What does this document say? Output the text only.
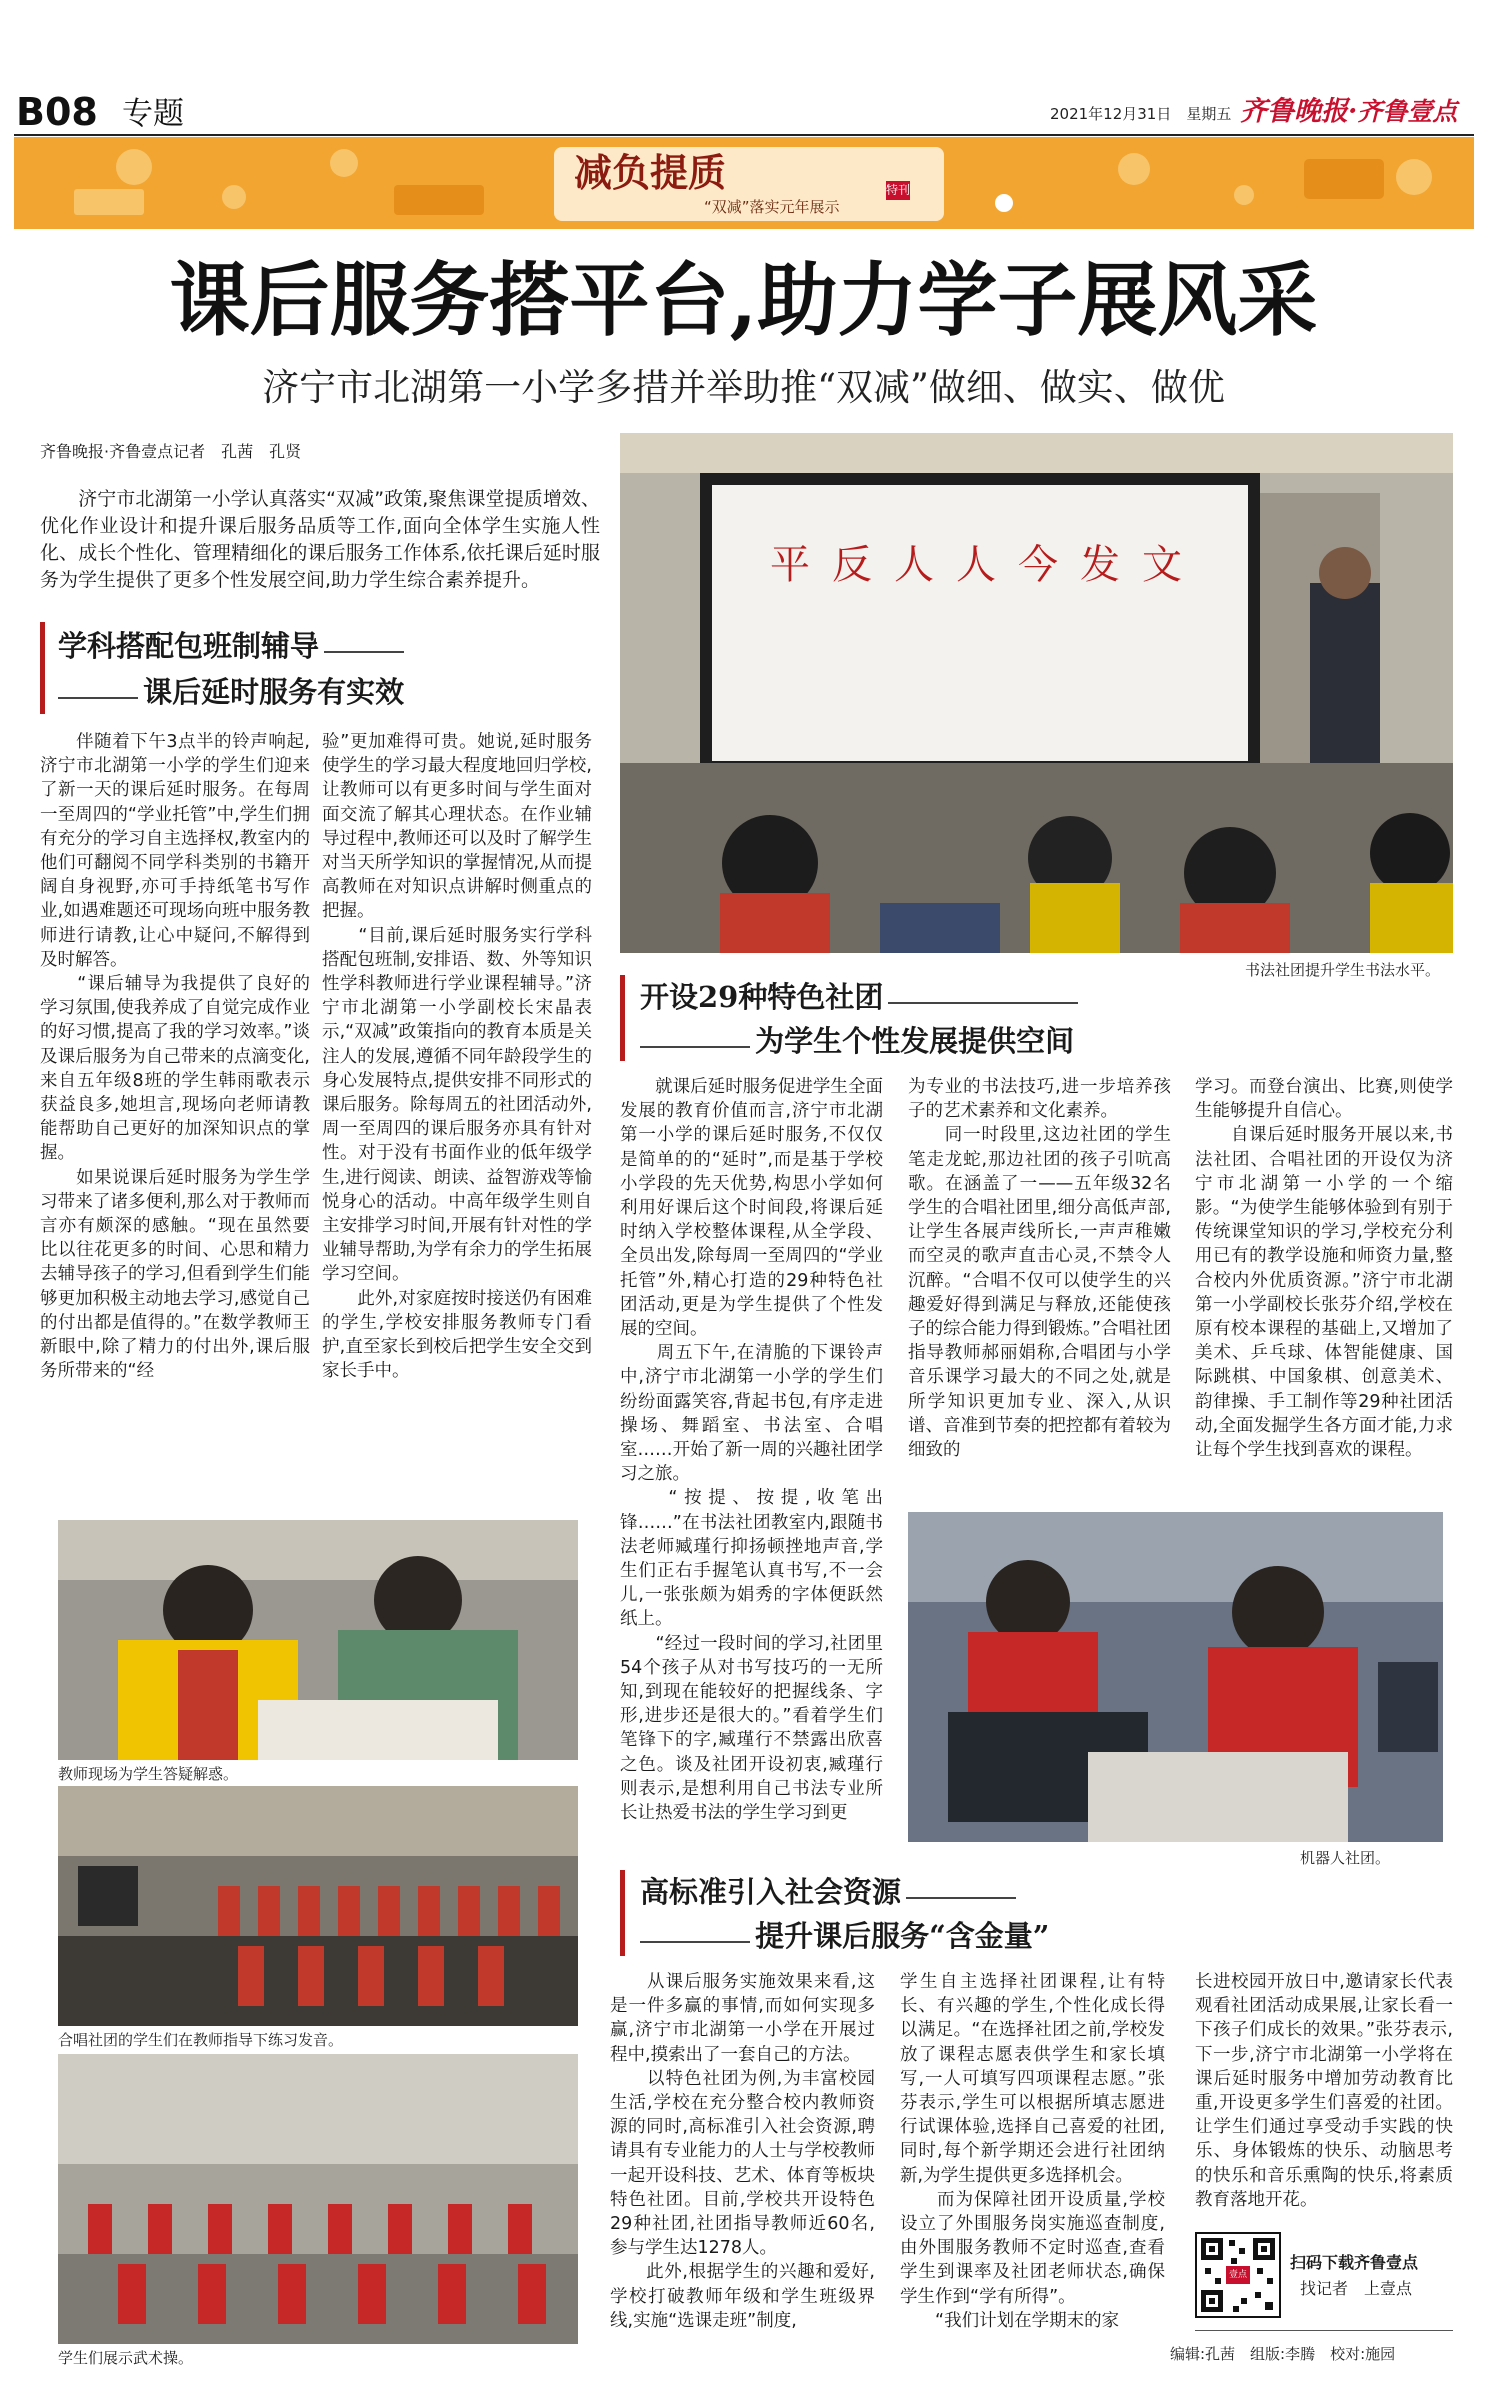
B08 专题	2021年12月31日　星期五 齐鲁晚报·齐鲁壹点
减负提质
“双减”落实元年展示
特刊
课后服务搭平台,助力学子展风采
济宁市北湖第一小学多措并举助推“双减”做细、做实、做优
齐鲁晚报·齐鲁壹点记者　孔茜　孔贤
　　济宁市北湖第一小学认真落实“双减”政策,聚焦课堂提质增效、优化作业设计和提升课后服务品质等工作,面向全体学生实施人性化、成长个性化、管理精细化的课后服务工作体系,依托课后延时服务为学生提供了更多个性发展空间,助力学生综合素养提升。	平反人人今发文
书法社团提升学生书法水平。
学科搭配包班制辅导
课后延时服务有实效
　　伴随着下午3点半的铃声响起,济宁市北湖第一小学的学生们迎来了新一天的课后延时服务。在每周一至周四的“学业托管”中,学生们拥有充分的学习自主选择权,教室内的他们可翻阅不同学科类别的书籍开阔自身视野,亦可手持纸笔书写作业,如遇难题还可现场向班中服务教师进行请教,让心中疑问,不解得到及时解答。
　　“课后辅导为我提供了良好的学习氛围,使我养成了自觉完成作业的好习惯,提高了我的学习效率。”谈及课后服务为自己带来的点滴变化,来自五年级8班的学生韩雨歌表示获益良多,她坦言,现场向老师请教能帮助自己更好的加深知识点的掌握。
　　如果说课后延时服务为学生学习带来了诸多便利,那么对于教师而言亦有颇深的感触。“现在虽然要比以往花更多的时间、心思和精力去辅导孩子的学习,但看到学生们能够更加积极主动地去学习,感觉自己的付出都是值得的。”在数学教师王新眼中,除了精力的付出外,课后服务所带来的“经
验”更加难得可贵。她说,延时服务使学生的学习最大程度地回归学校,让教师可以有更多时间与学生面对面交流了解其心理状态。在作业辅导过程中,教师还可以及时了解学生对当天所学知识的掌握情况,从而提高教师在对知识点讲解时侧重点的把握。
　　“目前,课后延时服务实行学科搭配包班制,安排语、数、外等知识性学科教师进行学业课程辅导。”济宁市北湖第一小学副校长宋晶表示,“双减”政策指向的教育本质是关注人的发展,遵循不同年龄段学生的身心发展特点,提供安排不同形式的课后服务。除每周五的社团活动外,周一至周四的课后服务亦具有针对性。对于没有书面作业的低年级学生,进行阅读、朗读、益智游戏等愉悦身心的活动。中高年级学生则自主安排学习时间,开展有针对性的学业辅导帮助,为学有余力的学生拓展学习空间。
　　此外,对家庭按时接送仍有困难的学生,学校安排服务教师专门看护,直至家长到校后把学生安全交到家长手中。
开设29种特色社团
为学生个性发展提供空间
　　就课后延时服务促进学生全面发展的教育价值而言,济宁市北湖第一小学的课后延时服务,不仅仅是简单的的“延时”,而是基于学校小学段的先天优势,构思小学如何利用好课后这个时间段,将课后延时纳入学校整体课程,从全学段、全员出发,除每周一至周四的“学业托管”外,精心打造的29种特色社团活动,更是为学生提供了个性发展的空间。
　　周五下午,在清脆的下课铃声中,济宁市北湖第一小学的学生们纷纷面露笑容,背起书包,有序走进操场、舞蹈室、书法室、合唱室……开始了新一周的兴趣社团学习之旅。
　　“按提、按提,收笔出锋……”在书法社团教室内,跟随书法老师臧瑾行抑扬顿挫地声音,学生们正右手握笔认真书写,不一会儿,一张张颇为娟秀的字体便跃然纸上。
　　“经过一段时间的学习,社团里54个孩子从对书写技巧的一无所知,到现在能较好的把握线条、字形,进步还是很大的。”看着学生们笔锋下的字,臧瑾行不禁露出欣喜之色。谈及社团开设初衷,臧瑾行则表示,是想利用自己书法专业所长让热爱书法的学生学习到更
为专业的书法技巧,进一步培养孩子的艺术素养和文化素养。
　　同一时段里,这边社团的学生笔走龙蛇,那边社团的孩子引吭高歌。在涵盖了一——五年级32名学生的合唱社团里,细分高低声部,让学生各展声线所长,一声声稚嫩而空灵的歌声直击心灵,不禁令人沉醉。“合唱不仅可以使学生的兴趣爱好得到满足与释放,还能使孩子的综合能力得到锻炼。”合唱社团指导教师郝丽娟称,合唱团与小学音乐课学习最大的不同之处,就是所学知识更加专业、深入,从识谱、音准到节奏的把控都有着较为细致的
学习。而登台演出、比赛,则使学生能够提升自信心。
　　自课后延时服务开展以来,书法社团、合唱社团的开设仅为济宁市北湖第一小学的一个缩影。“为使学生能够体验到有别于传统课堂知识的学习,学校充分利用已有的教学设施和师资力量,整合校内外优质资源。”济宁市北湖第一小学副校长张芬介绍,学校在原有校本课程的基础上,又增加了美术、乒乓球、体智能健康、国际跳棋、中国象棋、创意美术、韵律操、手工制作等29种社团活动,全面发掘学生各方面才能,力求让每个学生找到喜欢的课程。
教师现场为学生答疑解惑。
合唱社团的学生们在教师指导下练习发音。
学生们展示武术操。
机器人社团。
高标准引入社会资源
提升课后服务“含金量”
　　从课后服务实施效果来看,这是一件多赢的事情,而如何实现多赢,济宁市北湖第一小学在开展过程中,摸索出了一套自己的方法。
　　以特色社团为例,为丰富校园生活,学校在充分整合校内教师资源的同时,高标准引入社会资源,聘请具有专业能力的人士与学校教师一起开设科技、艺术、体育等板块特色社团。目前,学校共开设特色29种社团,社团指导教师近60名,参与学生达1278人。
　　此外,根据学生的兴趣和爱好,学校打破教师年级和学生班级界线,实施“选课走班”制度,
学生自主选择社团课程,让有特长、有兴趣的学生,个性化成长得以满足。“在选择社团之前,学校发放了课程志愿表供学生和家长填写,一人可填写四项课程志愿。”张芬表示,学生可以根据所填志愿进行试课体验,选择自己喜爱的社团,同时,每个新学期还会进行社团纳新,为学生提供更多选择机会。
　　而为保障社团开设质量,学校设立了外围服务岗实施巡查制度,由外围服务教师不定时巡查,查看学生到课率及社团老师状态,确保学生作到“学有所得”。
　　“我们计划在学期末的家
长进校园开放日中,邀请家长代表观看社团活动成果展,让家长看一下孩子们成长的效果。”张芬表示,下一步,济宁市北湖第一小学将在课后延时服务中增加劳动教育比重,开设更多学生们喜爱的社团。让学生们通过享受动手实践的快乐、身体锻炼的快乐、动脑思考的快乐和音乐熏陶的快乐,将素质教育落地开花。
壹点
扫码下载齐鲁壹点
找记者　上壹点
编辑:孔茜　组版:李腾　校对:施园
